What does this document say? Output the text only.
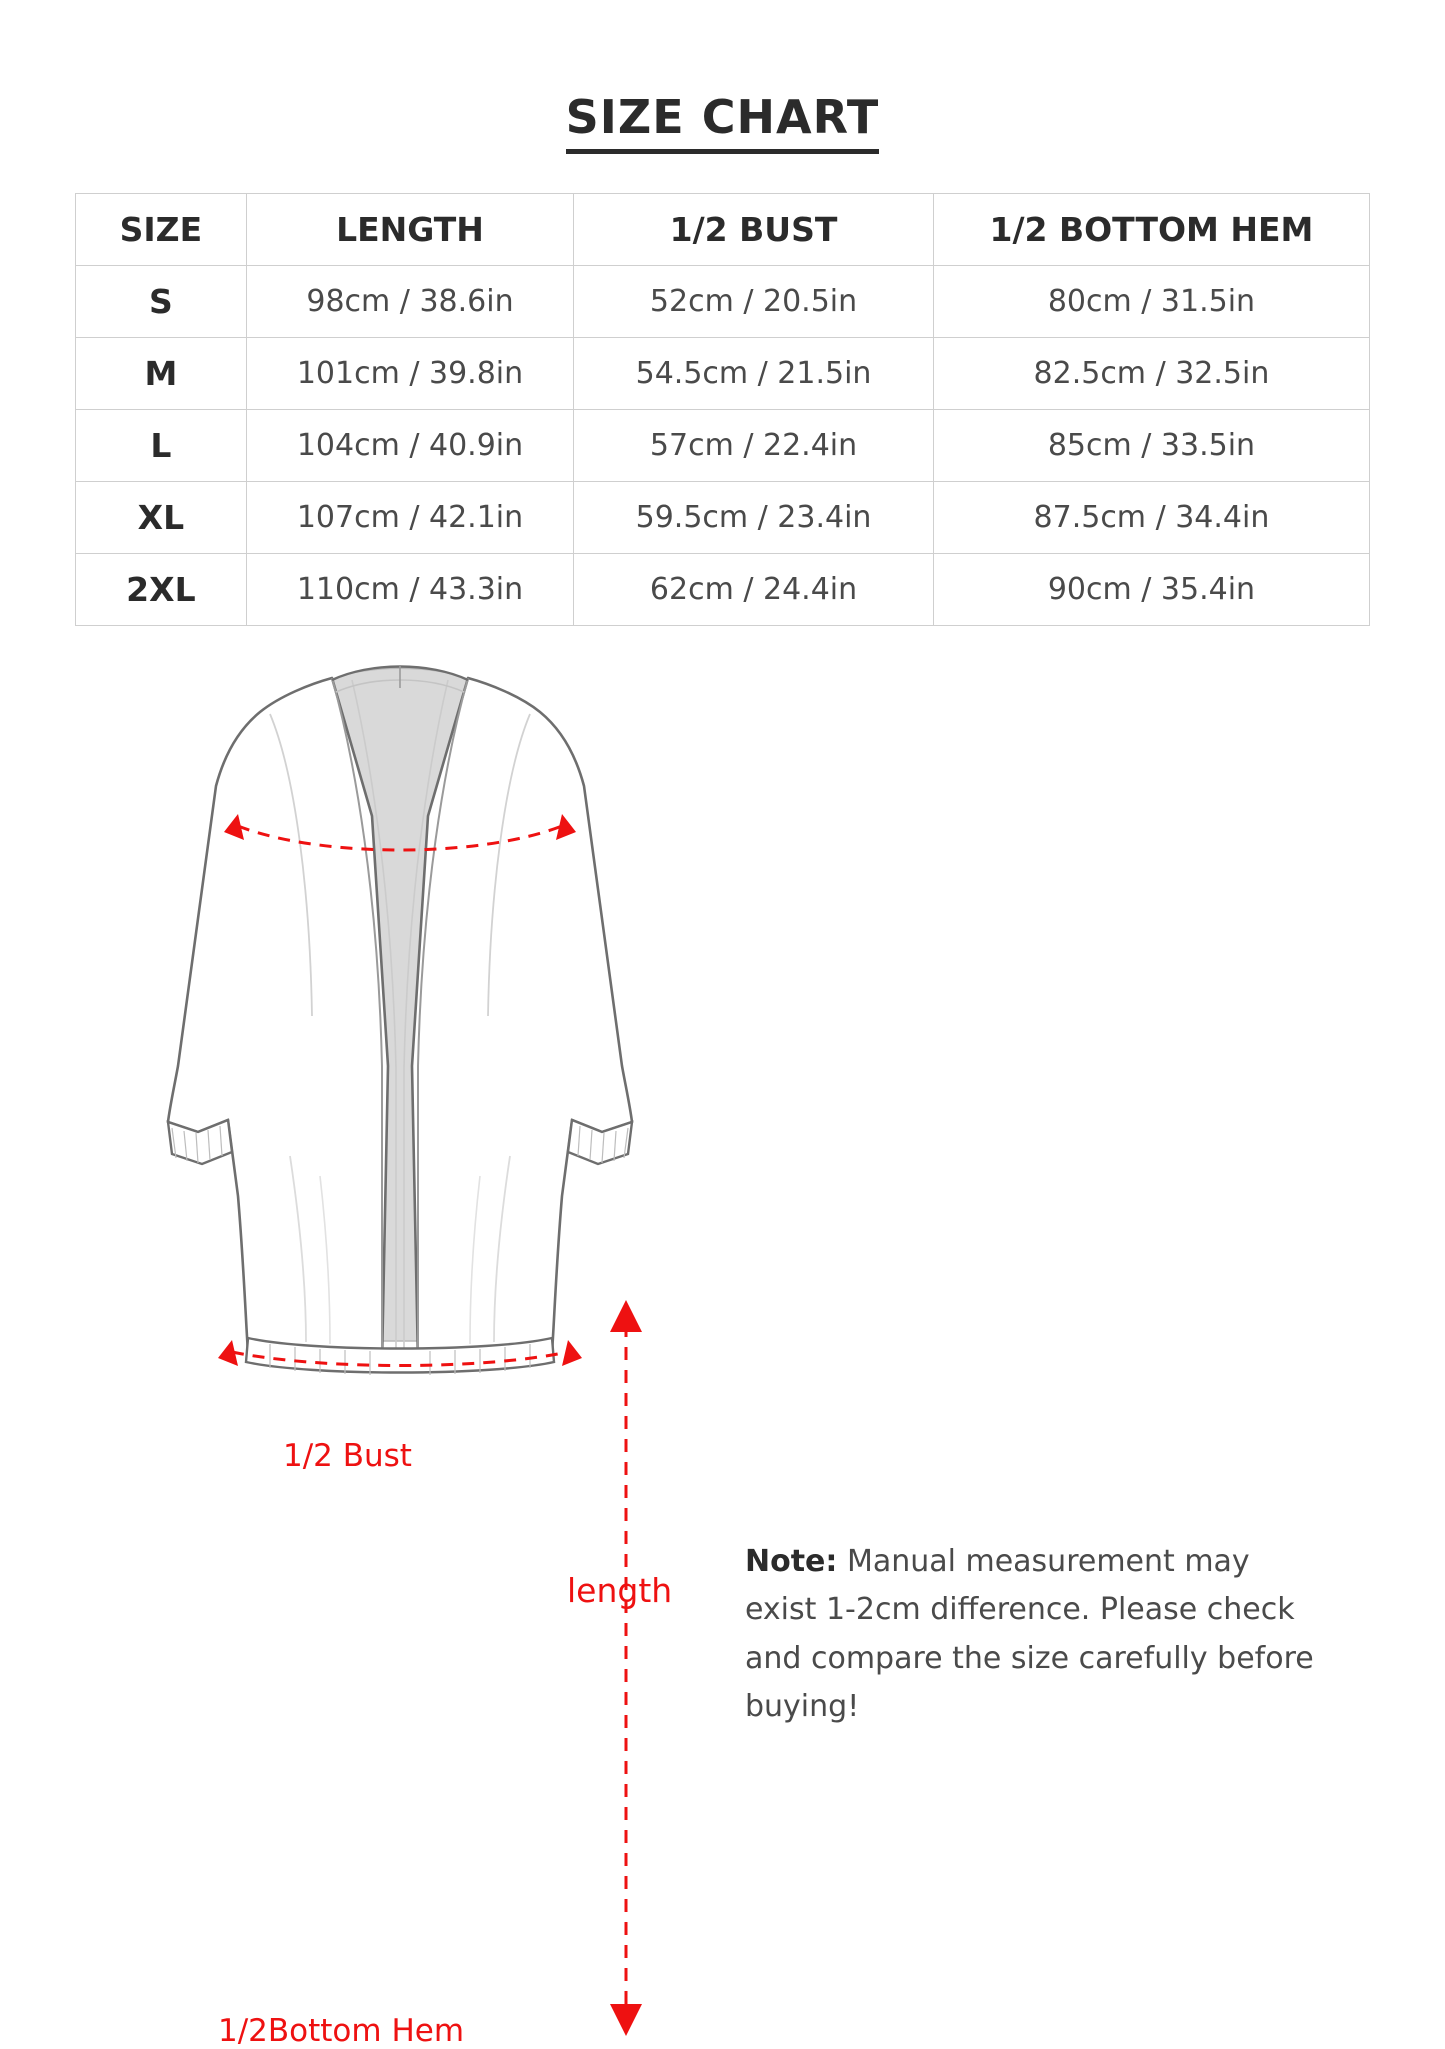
SIZE CHART
SIZE	LENGTH	1/2 BUST	1/2 BOTTOM HEM
S	98cm / 38.6in	52cm / 20.5in	80cm / 31.5in
M	101cm / 39.8in	54.5cm / 21.5in	82.5cm / 32.5in
L	104cm / 40.9in	57cm / 22.4in	85cm / 33.5in
XL	107cm / 42.1in	59.5cm / 23.4in	87.5cm / 34.4in
2XL	110cm / 43.3in	62cm / 24.4in	90cm / 35.4in
1/2 Bust
length
1/2Bottom Hem
Note: Manual measurement may exist 1-2cm difference. Please check and compare the size carefully before buying!
